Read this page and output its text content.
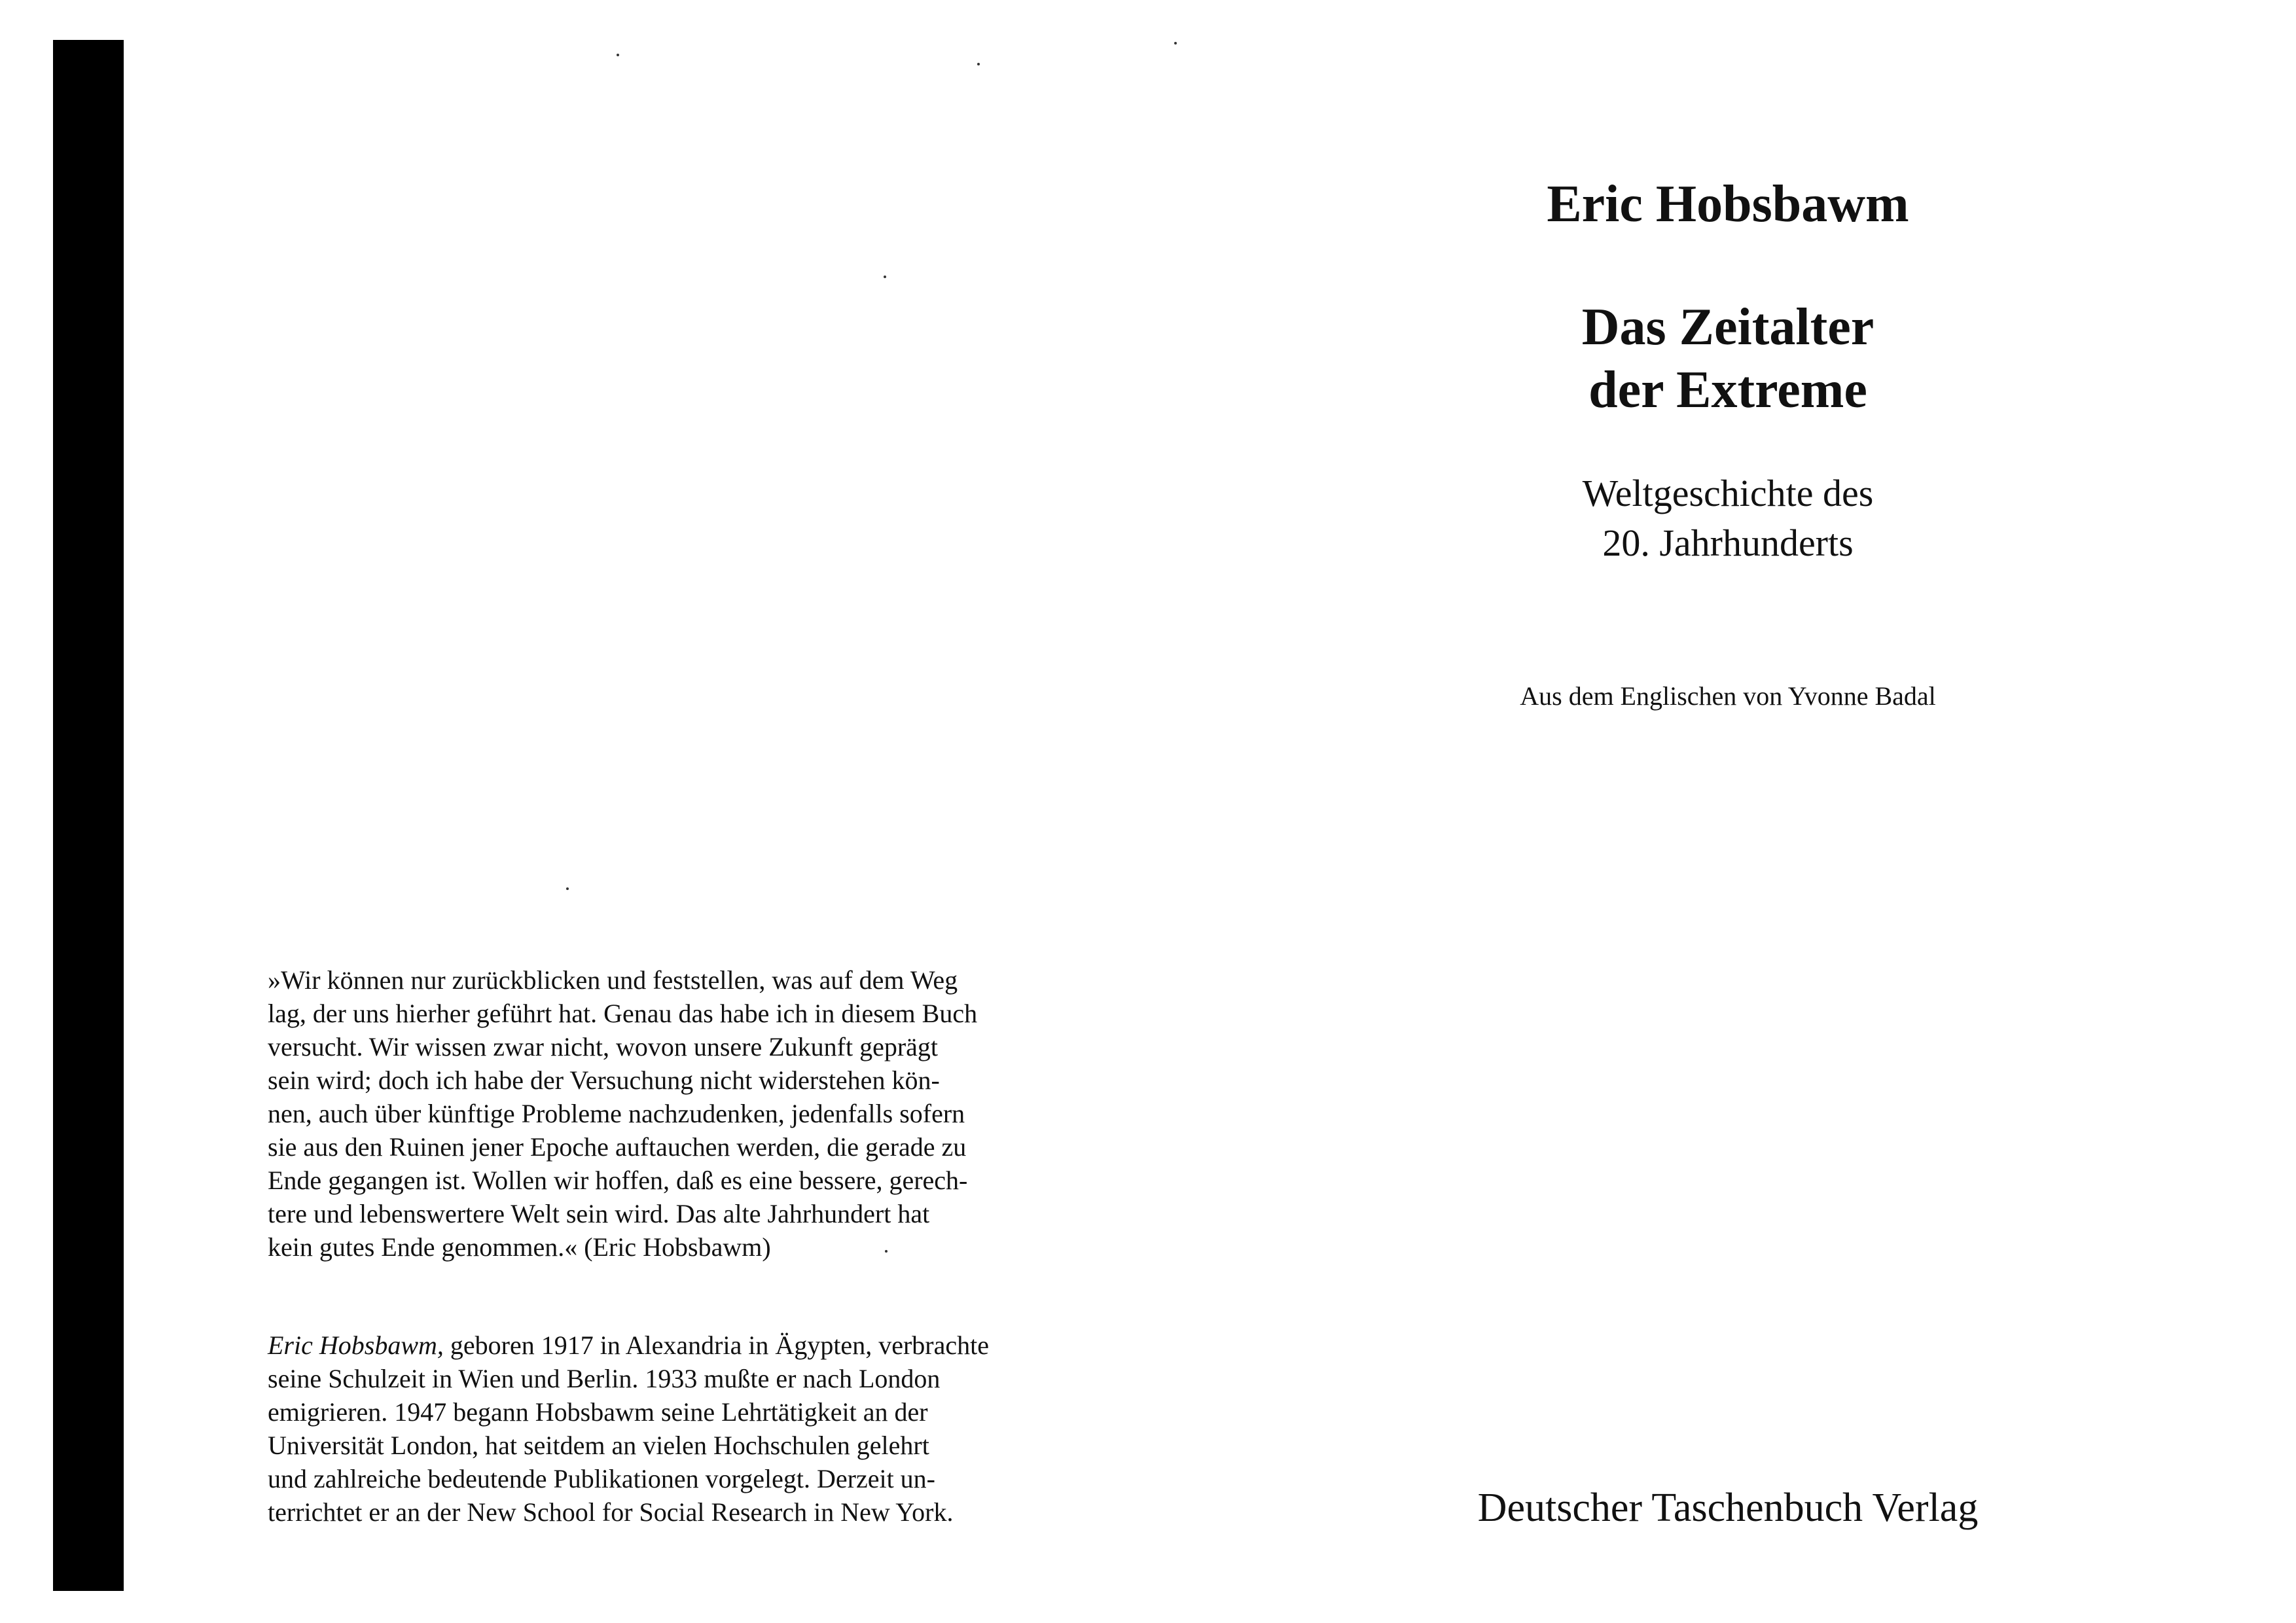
»Wir können nur zurückblicken und feststellen, was auf dem Weg
lag, der uns hierher geführt hat. Genau das habe ich in diesem Buch
versucht. Wir wissen zwar nicht, wovon unsere Zukunft geprägt
sein wird; doch ich habe der Versuchung nicht widerstehen kön-
nen, auch über künftige Probleme nachzudenken, jedenfalls sofern
sie aus den Ruinen jener Epoche auftauchen werden, die gerade zu
Ende gegangen ist. Wollen wir hoffen, daß es eine bessere, gerech-
tere und lebenswertere Welt sein wird. Das alte Jahrhundert hat
kein gutes Ende genommen.« (Eric Hobsbawm)
Eric Hobsbawm, geboren 1917 in Alexandria in Ägypten, verbrachte
seine Schulzeit in Wien und Berlin. 1933 mußte er nach London
emigrieren. 1947 begann Hobsbawm seine Lehrtätigkeit an der
Universität London, hat seitdem an vielen Hochschulen gelehrt
und zahlreiche bedeutende Publikationen vorgelegt. Derzeit un-
terrichtet er an der New School for Social Research in New York.
Eric Hobsbawm
Das Zeitalter
der Extreme
Weltgeschichte des
20. Jahrhunderts
Aus dem Englischen von Yvonne Badal
Deutscher Taschenbuch Verlag
